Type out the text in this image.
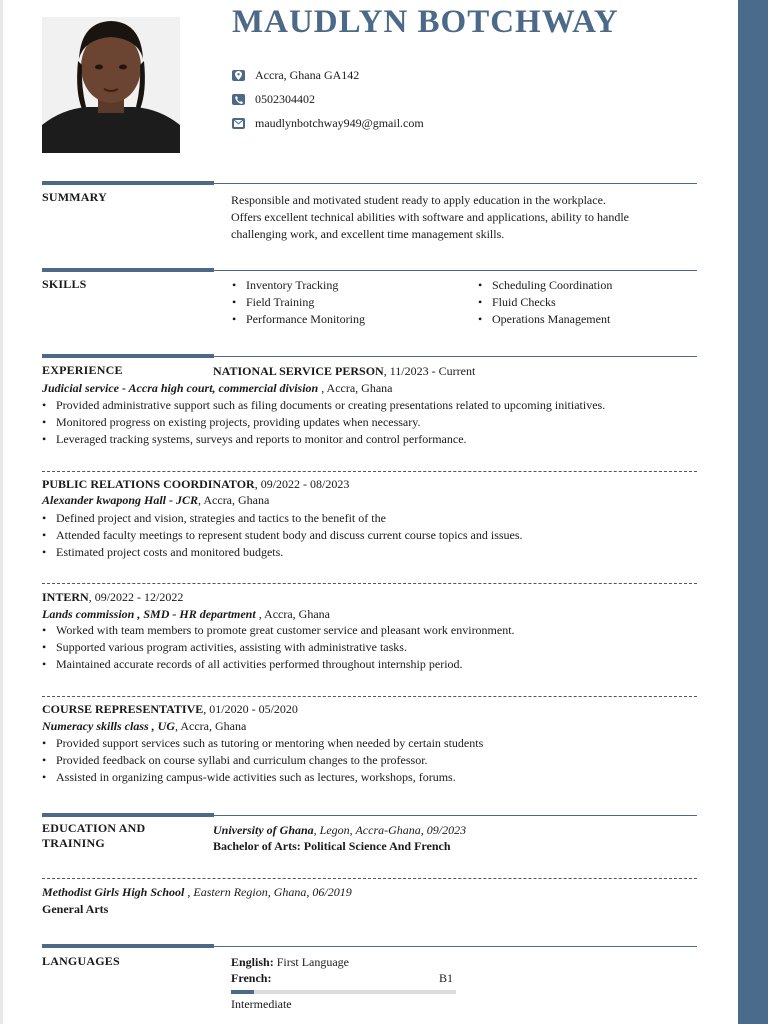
MAUDLYN BOTCHWAY
Accra, Ghana GA142
0502304402
maudlynbotchway949@gmail.com
SUMMARY	Responsible and motivated student ready to apply education in the workplace.
Offers excellent technical abilities with software and applications, ability to handle
challenging work, and excellent time management skills.
SKILLS
•	Inventory Tracking
• Field Training
• Performance Monitoring
• Scheduling Coordination
• Fluid Checks
• Operations Management
EXPERIENCE	NATIONAL SERVICE PERSON, 11/2023 - Current
Judicial service - Accra high court, commercial division , Accra, Ghana
• Provided administrative support such as filing documents or creating presentations related to upcoming initiatives.
• Monitored progress on existing projects, providing updates when necessary.
• Leveraged tracking systems, surveys and reports to monitor and control performance.
PUBLIC RELATIONS COORDINATOR, 09/2022 - 08/2023
Alexander kwapong Hall - JCR, Accra, Ghana
• Defined project and vision, strategies and tactics to the benefit of the
• Attended faculty meetings to represent student body and discuss current course topics and issues.
• Estimated project costs and monitored budgets.
INTERN, 09/2022 - 12/2022
Lands commission , SMD - HR department , Accra, Ghana
• Worked with team members to promote great customer service and pleasant work environment.
• Supported various program activities, assisting with administrative tasks.
• Maintained accurate records of all activities performed throughout internship period.
COURSE REPRESENTATIVE, 01/2020 - 05/2020
Numeracy skills class , UG, Accra, Ghana
• Provided support services such as tutoring or mentoring when needed by certain students
• Provided feedback on course syllabi and curriculum changes to the professor.
• Assisted in organizing campus-wide activities such as lectures, workshops, forums.
EDUCATION AND
TRAINING
University of Ghana, Legon, Accra-Ghana, 09/2023
Bachelor of Arts: Political Science And French
Methodist Girls High School , Eastern Region, Ghana, 06/2019
General Arts
LANGUAGES	English: First Language
French:	B1
Intermediate
